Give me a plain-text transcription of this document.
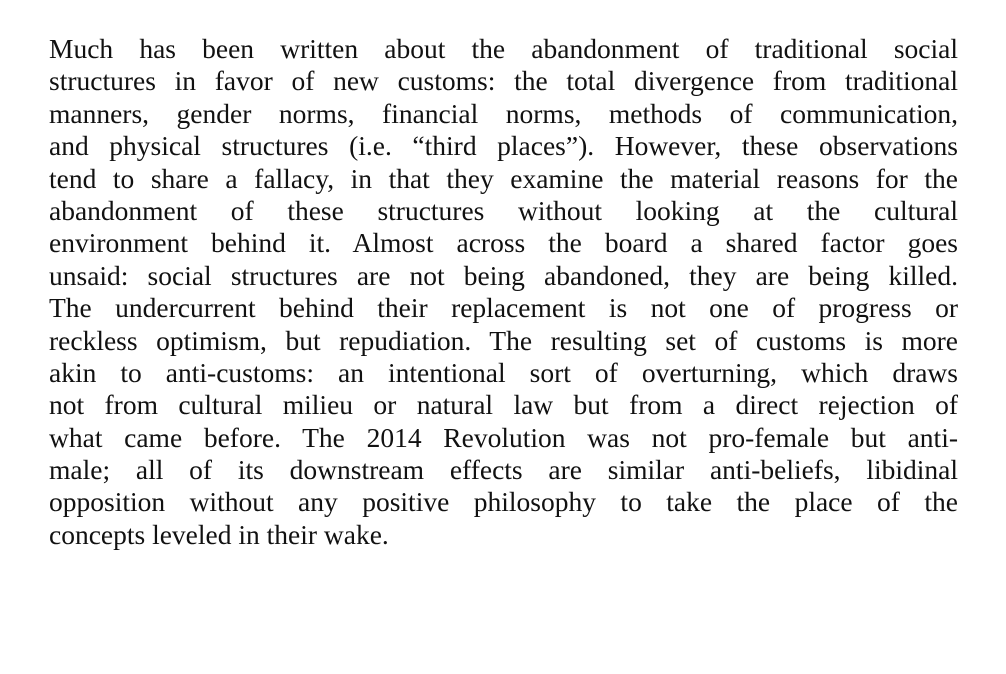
Much has been written about the abandonment of traditional social
structures in favor of new customs: the total divergence from traditional
manners, gender norms, financial norms, methods of communication,
and physical structures (i.e. “third places”). However, these observations
tend to share a fallacy, in that they examine the material reasons for the
abandonment of these structures without looking at the cultural
environment behind it. Almost across the board a shared factor goes
unsaid: social structures are not being abandoned, they are being killed.
The undercurrent behind their replacement is not one of progress or
reckless optimism, but repudiation. The resulting set of customs is more
akin to anti-customs: an intentional sort of overturning, which draws
not from cultural milieu or natural law but from a direct rejection of
what came before. The 2014 Revolution was not pro-female but anti-
male; all of its downstream effects are similar anti-beliefs, libidinal
opposition without any positive philosophy to take the place of the
concepts leveled in their wake.
